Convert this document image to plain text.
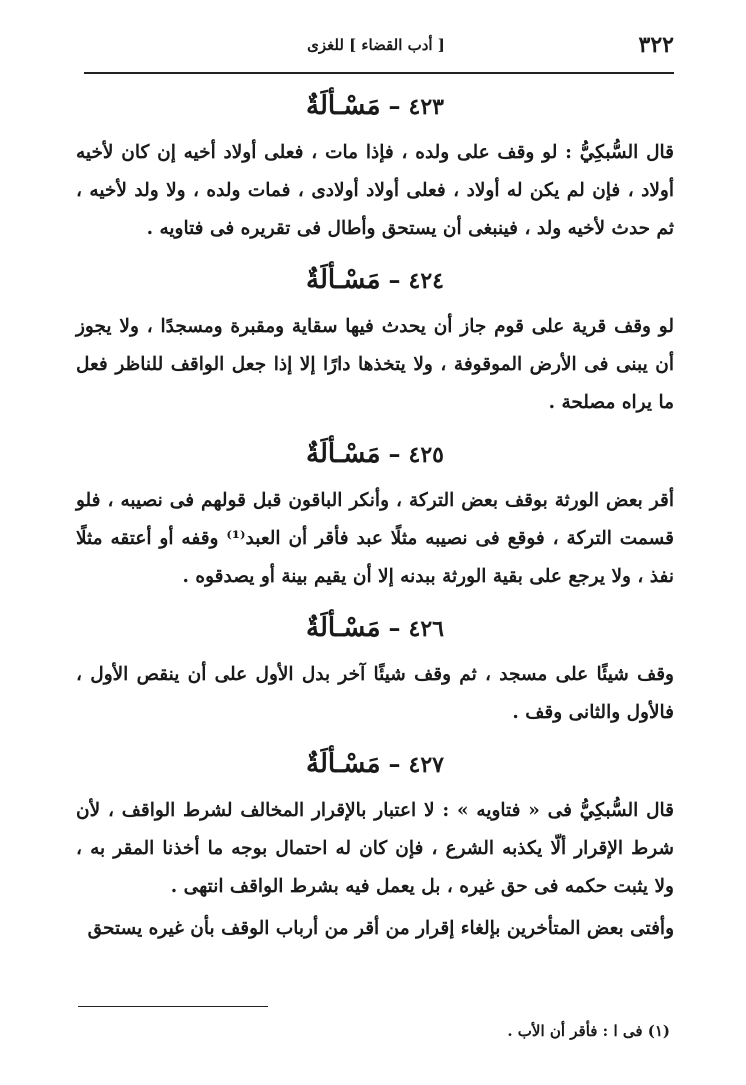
٣٢٢
[ أدب القضاء ] للغزى
٤٢٣–مَسْـألَةٌ

قال السُّبكِيُّ : لو وقف على ولده ، فإذا مات ، فعلى أولاد أخيه إن كان لأخيه أولاد ، فإن لم يكن له أولاد ، فعلى أولاد أولادى ، فمات ولده ، ولا ولد لأخيه ، ثم حدث لأخيه ولد ، فينبغى أن يستحق وأطال فى تقريره فى فتاويه .

٤٢٤–مَسْـألَةٌ

لو وقف قرية على قوم جاز أن يحدث فيها سقاية ومقبرة ومسجدًا ، ولا يجوز أن يبنى فى الأرض الموقوفة ، ولا يتخذها دارًا إلا إذا جعل الواقف للناظر فعل ما يراه مصلحة .

٤٢٥–مَسْـألَةٌ

أقر بعض الورثة بوقف بعض التركة ، وأنكر الباقون قبل قولهم فى نصيبه ، فلو قسمت التركة ، فوقع فى نصيبه مثلًا عبد فأقر أن العبد⁽¹⁾ وقفه أو أعتقه مثلًا نفذ ، ولا يرجع على بقية الورثة ببدنه إلا أن يقيم بينة أو يصدقوه .

٤٢٦–مَسْـألَةٌ

وقف شيئًا على مسجد ، ثم وقف شيئًا آخر بدل الأول على أن ينقص الأول ، فالأول والثانى وقف .

٤٢٧–مَسْـألَةٌ

قال السُّبكِيُّ فى « فتاويه » : لا اعتبار بالإقرار المخالف لشرط الواقف ، لأن شرط الإقرار ألّا يكذبه الشرع ، فإن كان له احتمال بوجه ما أخذنا المقر به ، ولا يثبت حكمه فى حق غيره ، بل يعمل فيه بشرط الواقف انتهى .

وأفتى بعض المتأخرين بإلغاء إقرار من أقر من أرباب الوقف بأن غيره يستحق

(١) فى ا : فأقر أن الأب .
